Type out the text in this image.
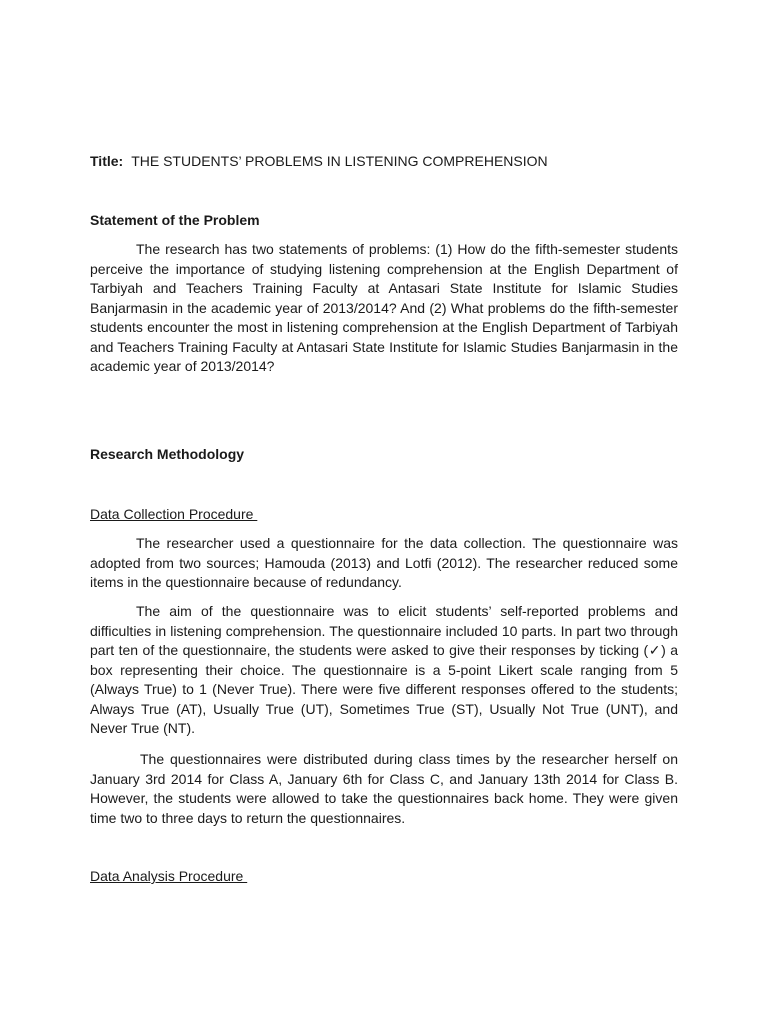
Title: THE STUDENTS’ PROBLEMS IN LISTENING COMPREHENSION
Statement of the Problem

The research has two statements of problems: (1) How do the fifth-semester students perceive the importance of studying listening comprehension at the English Department of Tarbiyah and Teachers Training Faculty at Antasari State Institute for Islamic Studies Banjarmasin in the academic year of 2013/2014? And (2) What problems do the fifth-semester students encounter the most in listening comprehension at the English Department of Tarbiyah and Teachers Training Faculty at Antasari State Institute for Islamic Studies Banjarmasin in the academic year of 2013/2014?

Research Methodology
Data Collection Procedure

The researcher used a questionnaire for the data collection. The questionnaire was adopted from two sources; Hamouda (2013) and Lotfi (2012). The researcher reduced some items in the questionnaire because of redundancy.

The aim of the questionnaire was to elicit students’ self-reported problems and difficulties in listening comprehension. The questionnaire included 10 parts. In part two through part ten of the questionnaire, the students were asked to give their responses by ticking (✓) a box representing their choice. The questionnaire is a 5-point Likert scale ranging from 5 (Always True) to 1 (Never True). There were five different responses offered to the students; Always True (AT), Usually True (UT), Sometimes True (ST), Usually Not True (UNT), and Never True (NT).

The questionnaires were distributed during class times by the researcher herself on January 3rd 2014 for Class A, January 6th for Class C, and January 13th 2014 for Class B. However, the students were allowed to take the questionnaires back home. They were given time two to three days to return the questionnaires.

Data Analysis Procedure
